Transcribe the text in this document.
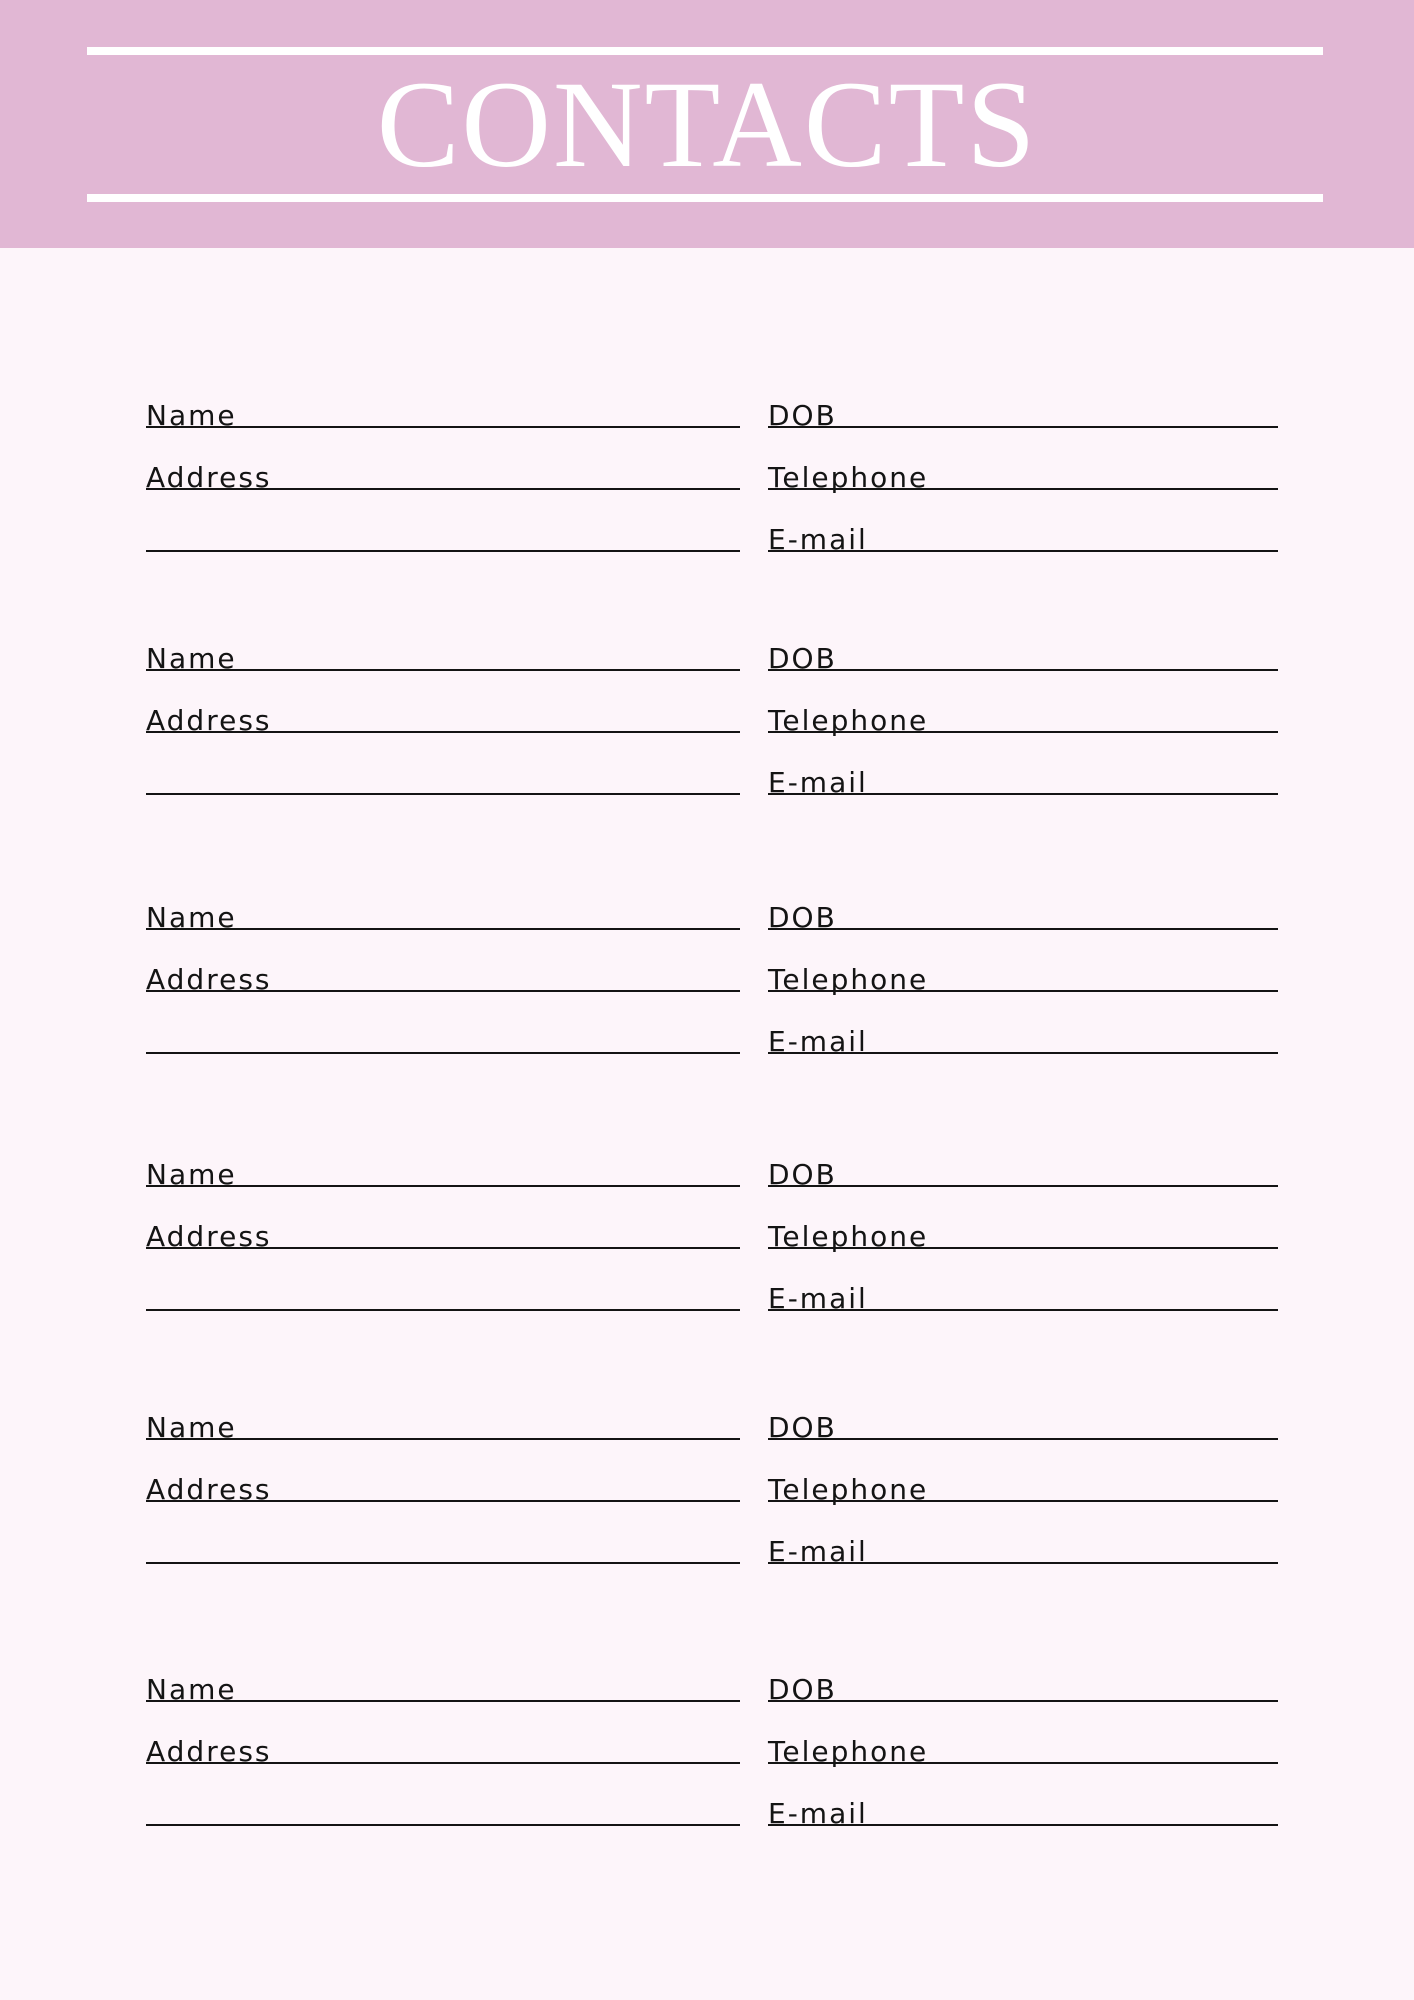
CONTACTS
Name
Address
DOB
Telephone
E-mail
Name
Address
DOB
Telephone
E-mail
Name
Address
DOB
Telephone
E-mail
Name
Address
DOB
Telephone
E-mail
Name
Address
DOB
Telephone
E-mail
Name
Address
DOB
Telephone
E-mail
